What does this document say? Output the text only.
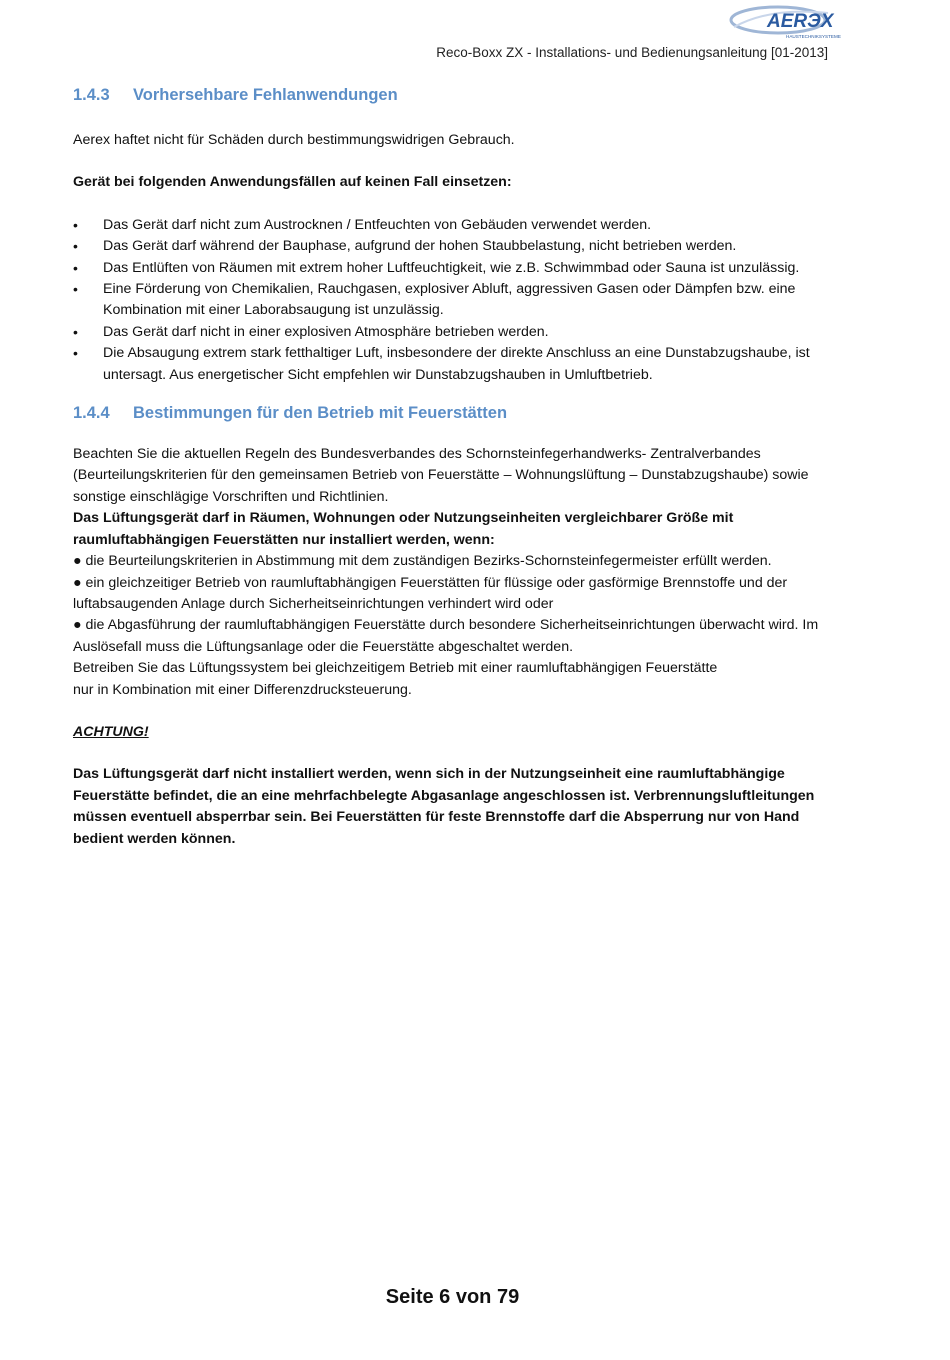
AERЭX
HAUSTECHNIKSYSTEME
Reco-Boxx ZX - Installations- und Bedienungsanleitung [01-2013]
1.4.3 Vorhersehbare Fehlanwendungen

Aerex haftet nicht für Schäden durch bestimmungswidrigen Gebrauch.

Gerät bei folgenden Anwendungsfällen auf keinen Fall einsetzen:

• Das Gerät darf nicht zum Austrocknen / Entfeuchten von Gebäuden verwendet werden.
• Das Gerät darf während der Bauphase, aufgrund der hohen Staubbelastung, nicht betrieben werden.
• Das Entlüften von Räumen mit extrem hoher Luftfeuchtigkeit, wie z.B. Schwimmbad oder Sauna ist unzulässig.
• Eine Förderung von Chemikalien, Rauchgasen, explosiver Abluft, aggressiven Gasen oder Dämpfen bzw. eine Kombination mit einer Laborabsaugung ist unzulässig.
• Das Gerät darf nicht in einer explosiven Atmosphäre betrieben werden.
• Die Absaugung extrem stark fetthaltiger Luft, insbesondere der direkte Anschluss an eine Dunstabzugshaube, ist untersagt. Aus energetischer Sicht empfehlen wir Dunstabzugshauben in Umluftbetrieb.
1.4.4 Bestimmungen für den Betrieb mit Feuerstätten

Beachten Sie die aktuellen Regeln des Bundesverbandes des Schornsteinfegerhandwerks- Zentralverbandes (Beurteilungskriterien für den gemeinsamen Betrieb von Feuerstätte – Wohnungslüftung – Dunstabzugshaube) sowie sonstige einschlägige Vorschriften und Richtlinien.

Das Lüftungsgerät darf in Räumen, Wohnungen oder Nutzungseinheiten vergleichbarer Größe mit raumluftabhängigen Feuerstätten nur installiert werden, wenn:

● die Beurteilungskriterien in Abstimmung mit dem zuständigen Bezirks-Schornsteinfegermeister erfüllt werden.

● ein gleichzeitiger Betrieb von raumluftabhängigen Feuerstätten für flüssige oder gasförmige Brennstoffe und der luftabsaugenden Anlage durch Sicherheitseinrichtungen verhindert wird oder

● die Abgasführung der raumluftabhängigen Feuerstätte durch besondere Sicherheitseinrichtungen überwacht wird. Im Auslösefall muss die Lüftungsanlage oder die Feuerstätte abgeschaltet werden.

Betreiben Sie das Lüftungssystem bei gleichzeitigem Betrieb mit einer raumluftabhängigen Feuerstätte

nur in Kombination mit einer Differenzdrucksteuerung.

ACHTUNG!

Das Lüftungsgerät darf nicht installiert werden, wenn sich in der Nutzungseinheit eine raumluftabhängige Feuerstätte befindet, die an eine mehrfachbelegte Abgasanlage angeschlossen ist. Verbrennungsluftleitungen müssen eventuell absperrbar sein. Bei Feuerstätten für feste Brennstoffe darf die Absperrung nur von Hand bedient werden können.

Seite 6 von 79
